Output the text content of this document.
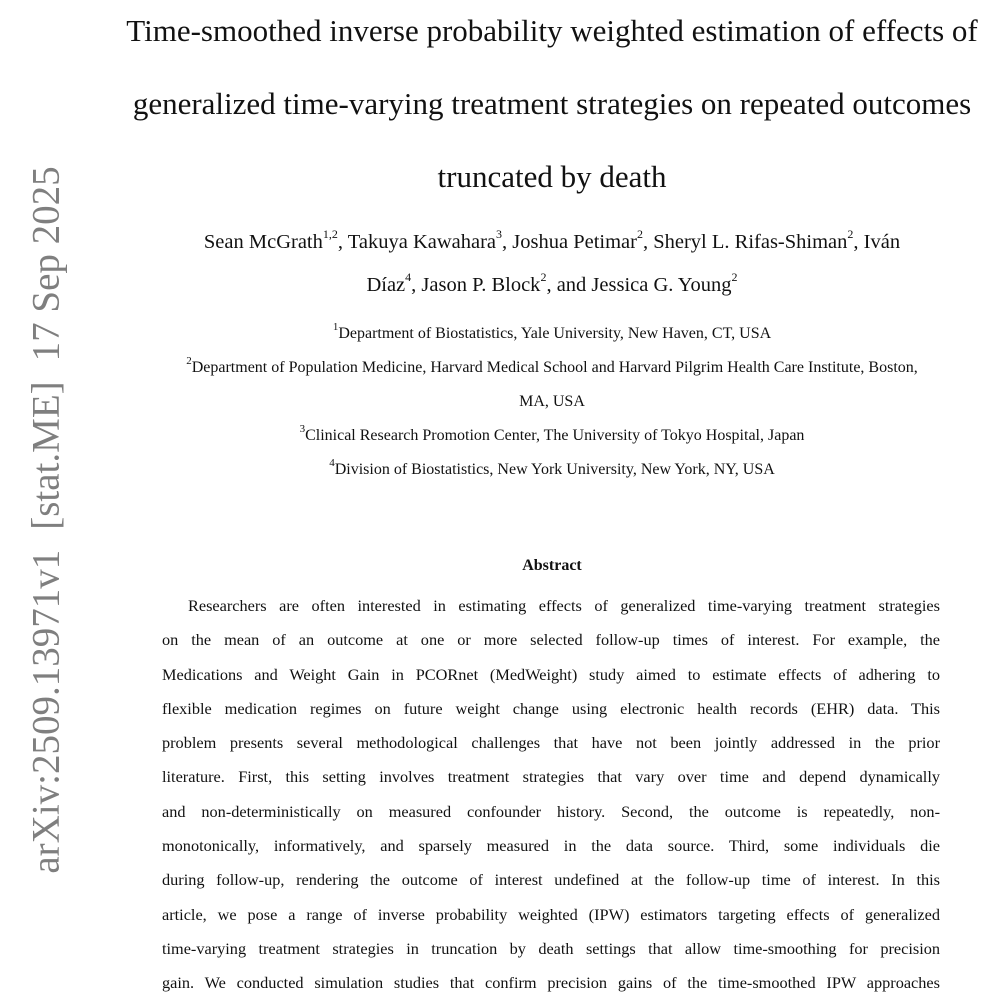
arXiv:2509.13971v1[stat.ME]17 Sep 2025
Time-smoothed inverse probability weighted estimation of effects of
generalized time-varying treatment strategies on repeated outcomes
truncated by death
Sean McGrath$^{1,2}$, Takuya Kawahara$^3$, Joshua Petimar$^2$, Sheryl L. Rifas-Shiman$^2$, Iván
Díaz$^4$, Jason P. Block$^2$, and Jessica G. Young$^2$
$^1$Department of Biostatistics, Yale University, New Haven, CT, USA
$^2$Department of Population Medicine, Harvard Medical School and Harvard Pilgrim Health Care Institute, Boston,
MA, USA
$^3$Clinical Research Promotion Center, The University of Tokyo Hospital, Japan
$^4$Division of Biostatistics, New York University, New York, NY, USA
Abstract
Researchers are often interested in estimating effects of generalized time-varying treatment strategies
on the mean of an outcome at one or more selected follow-up times of interest. For example, the
Medications and Weight Gain in PCORnet (MedWeight) study aimed to estimate effects of adhering to
flexible medication regimes on future weight change using electronic health records (EHR) data. This
problem presents several methodological challenges that have not been jointly addressed in the prior
literature. First, this setting involves treatment strategies that vary over time and depend dynamically
and non-deterministically on measured confounder history. Second, the outcome is repeatedly, non-
monotonically, informatively, and sparsely measured in the data source. Third, some individuals die
during follow-up, rendering the outcome of interest undefined at the follow-up time of interest. In this
article, we pose a range of inverse probability weighted (IPW) estimators targeting effects of generalized
time-varying treatment strategies in truncation by death settings that allow time-smoothing for precision
gain. We conducted simulation studies that confirm precision gains of the time-smoothed IPW approaches
